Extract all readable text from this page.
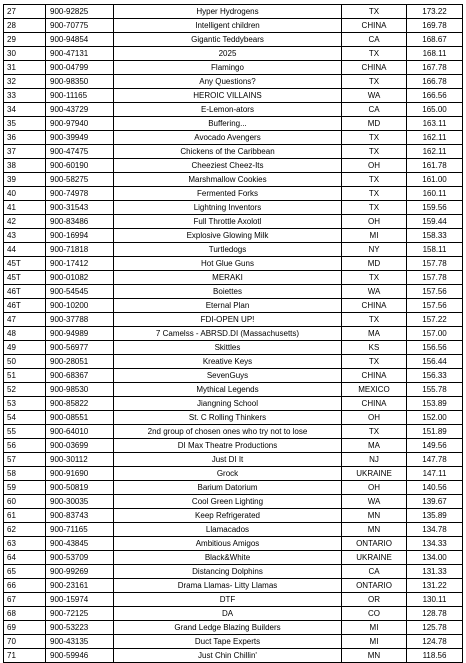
27	900-92825	Hyper Hydrogens	TX	173.22
28	900-70775	Intelligent children	CHINA	169.78
29	900-94854	Gigantic Teddybears	CA	168.67
30	900-47131	2025	TX	168.11
31	900-04799	Flamingo	CHINA	167.78
32	900-98350	Any Questions?	TX	166.78
33	900-11165	HEROIC VILLAINS	WA	166.56
34	900-43729	E-Lemon-ators	CA	165.00
35	900-97940	Buffering...	MD	163.11
36	900-39949	Avocado Avengers	TX	162.11
37	900-47475	Chickens of the Caribbean	TX	162.11
38	900-60190	Cheeziest Cheez-Its	OH	161.78
39	900-58275	Marshmallow Cookies	TX	161.00
40	900-74978	Fermented Forks	TX	160.11
41	900-31543	Lightning Inventors	TX	159.56
42	900-83486	Full Throttle Axolotl	OH	159.44
43	900-16994	Explosive Glowing Milk	MI	158.33
44	900-71818	Turtledogs	NY	158.11
45T	900-17412	Hot Glue Guns	MD	157.78
45T	900-01082	MERAKI	TX	157.78
46T	900-54545	Boiettes	WA	157.56
46T	900-10200	Eternal Plan	CHINA	157.56
47	900-37788	FDI-OPEN UP!	TX	157.22
48	900-94989	7 Camelss - ABRSD.DI (Massachusetts)	MA	157.00
49	900-56977	Skittles	KS	156.56
50	900-28051	Kreative Keys	TX	156.44
51	900-68367	SevenGuys	CHINA	156.33
52	900-98530	Mythical Legends	MEXICO	155.78
53	900-85822	Jiangning School	CHINA	153.89
54	900-08551	St. C Rolling Thinkers	OH	152.00
55	900-64010	2nd group of chosen ones who try not to lose	TX	151.89
56	900-03699	DI Max Theatre Productions	MA	149.56
57	900-30112	Just DI It	NJ	147.78
58	900-91690	Grock	UKRAINE	147.11
59	900-50819	Barium Datorium	OH	140.56
60	900-30035	Cool Green Lighting	WA	139.67
61	900-83743	Keep Refrigerated	MN	135.89
62	900-71165	Llamacados	MN	134.78
63	900-43845	Ambitious Amigos	ONTARIO	134.33
64	900-53709	Black&White	UKRAINE	134.00
65	900-99269	Distancing Dolphins	CA	131.33
66	900-23161	Drama Llamas- Litty Llamas	ONTARIO	131.22
67	900-15974	DTF	OR	130.11
68	900-72125	DA	CO	128.78
69	900-53223	Grand Ledge Blazing Builders	MI	125.78
70	900-43135	Duct Tape Experts	MI	124.78
71	900-59946	Just Chin Chillin'	MN	118.56
